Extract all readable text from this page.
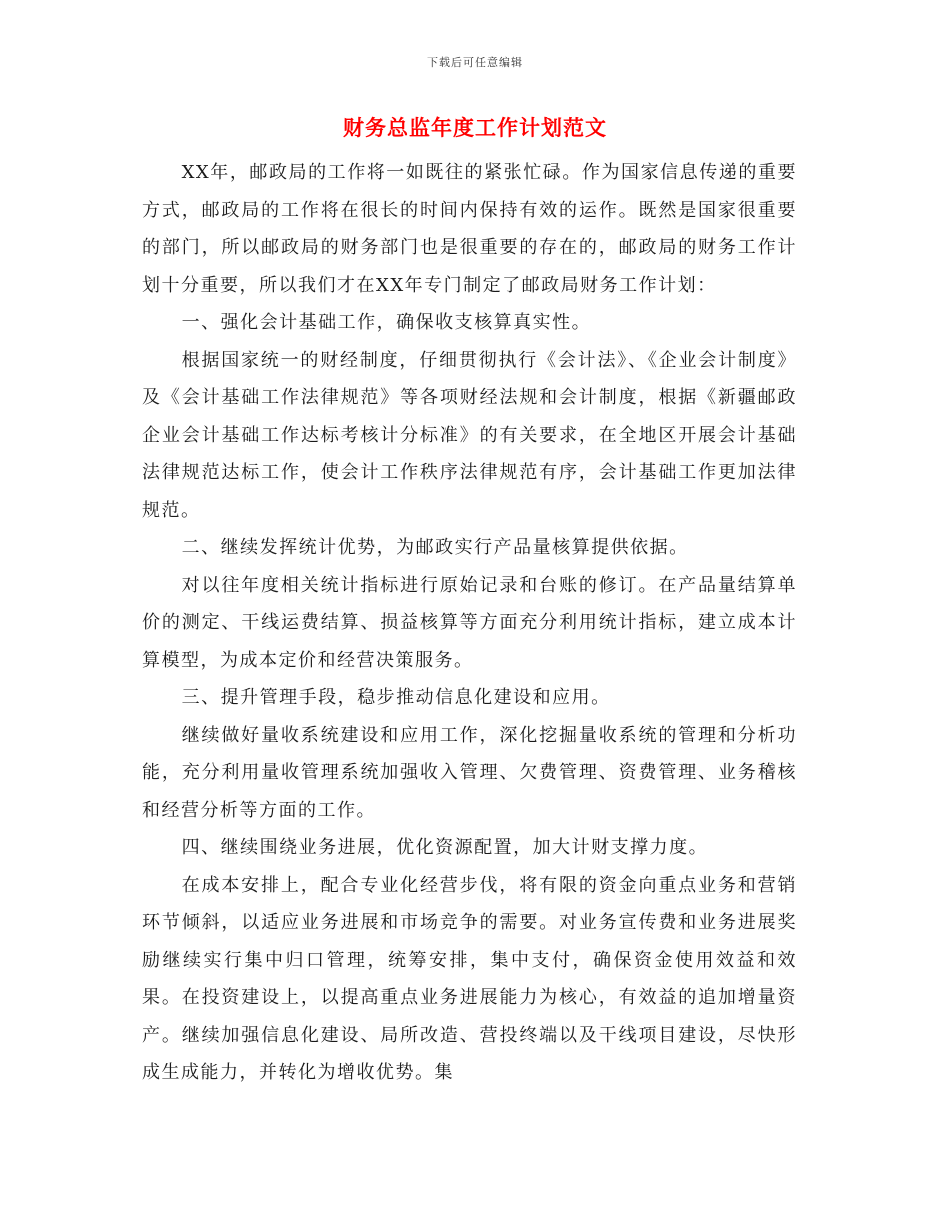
下载后可任意编辑
财务总监年度工作计划范文

XX年，邮政局的工作将一如既往的紧张忙碌。作为国家信息传递的重要方式，邮政局的工作将在很长的时间内保持有效的运作。既然是国家很重要的部门，所以邮政局的财务部门也是很重要的存在的，邮政局的财务工作计划十分重要，所以我们才在XX年专门制定了邮政局财务工作计划：

一、强化会计基础工作，确保收支核算真实性。

根据国家统一的财经制度，仔细贯彻执行《会计法》、《企业会计制度》及《会计基础工作法律规范》等各项财经法规和会计制度，根据《新疆邮政企业会计基础工作达标考核计分标准》的有关要求，在全地区开展会计基础法律规范达标工作，使会计工作秩序法律规范有序，会计基础工作更加法律规范。

二、继续发挥统计优势，为邮政实行产品量核算提供依据。

对以往年度相关统计指标进行原始记录和台账的修订。在产品量结算单价的测定、干线运费结算、损益核算等方面充分利用统计指标，建立成本计算模型，为成本定价和经营决策服务。

三、提升管理手段，稳步推动信息化建设和应用。

继续做好量收系统建设和应用工作，深化挖掘量收系统的管理和分析功能，充分利用量收管理系统加强收入管理、欠费管理、资费管理、业务稽核和经营分析等方面的工作。

四、继续围绕业务进展，优化资源配置，加大计财支撑力度。

在成本安排上，配合专业化经营步伐，将有限的资金向重点业务和营销环节倾斜，以适应业务进展和市场竞争的需要。对业务宣传费和业务进展奖励继续实行集中归口管理，统筹安排，集中支付，确保资金使用效益和效果。在投资建设上，以提高重点业务进展能力为核心，有效益的追加增量资产。继续加强信息化建设、局所改造、营投终端以及干线项目建设，尽快形成生成能力，并转化为增收优势。集
